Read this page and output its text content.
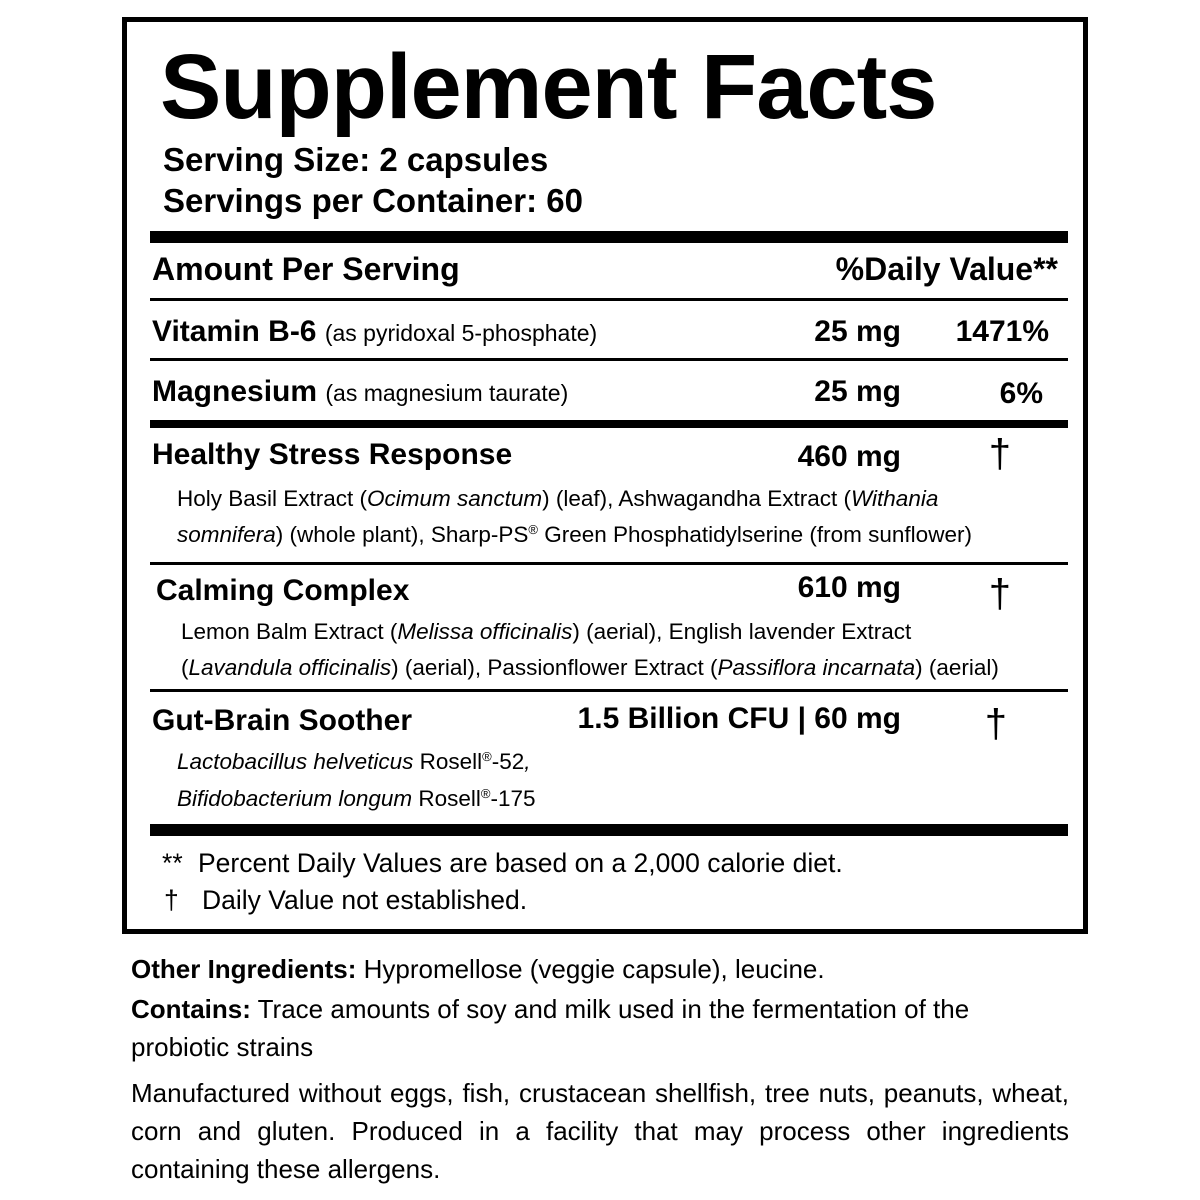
Supplement Facts
Serving Size: 2 capsules
Servings per Container: 60
Amount Per Serving	%Daily Value**
Vitamin B-6 (as pyridoxal 5-phosphate)	25 mg 1471%
Magnesium (as magnesium taurate)	25 mg	6%
Healthy Stress Response	460 mg †
Holy Basil Extract (Ocimum sanctum) (leaf), Ashwagandha Extract (Withania
somnifera) (whole plant), Sharp-PS® Green Phosphatidylserine (from sunflower)
Calming Complex	610 mg †
Lemon Balm Extract (Melissa officinalis) (aerial), English lavender Extract
(Lavandula officinalis) (aerial), Passionflower Extract (Passiflora incarnata) (aerial)
Gut-Brain Soother	1.5 Billion CFU | 60 mg †
Lactobacillus helveticus Rosell®-52,
Bifidobacterium longum Rosell®-175
** Percent Daily Values are based on a 2,000 calorie diet.
† Daily Value not established.
Other Ingredients: Hypromellose (veggie capsule), leucine.
Contains: Trace amounts of soy and milk used in the fermentation of the probiotic strains
Manufactured without eggs, fish, crustacean shellfish, tree nuts, peanuts, wheat, corn and gluten. Produced in a facility that may process other ingredients containing these allergens.
